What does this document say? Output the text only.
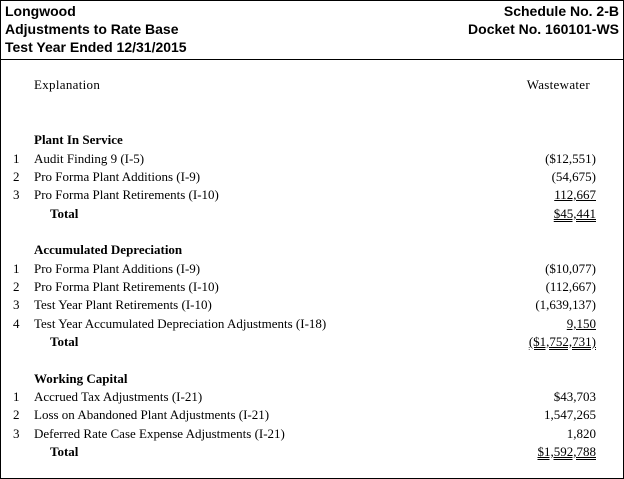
Longwood
Adjustments to Rate Base
Test Year Ended 12/31/2015
Schedule No. 2-B
Docket No. 160101-WS
Explanation	Wastewater
Plant In Service
1 Audit Finding 9 (I-5)	($12,551)
2 Pro Forma Plant Additions (I-9)	(54,675)
3 Pro Forma Plant Retirements (I-10)	112,667
Total	$45,441
Accumulated Depreciation
1 Pro Forma Plant Additions (I-9)	($10,077)
2 Pro Forma Plant Retirements (I-10)	(112,667)
3 Test Year Plant Retirements (I-10)	(1,639,137)
4 Test Year Accumulated Depreciation Adjustments (I-18)	9,150
Total	($1,752,731)
Working Capital
1 Accrued Tax Adjustments (I-21)	$43,703
2 Loss on Abandoned Plant Adjustments (I-21)	1,547,265
3 Deferred Rate Case Expense Adjustments (I-21)	1,820
Total	$1,592,788
